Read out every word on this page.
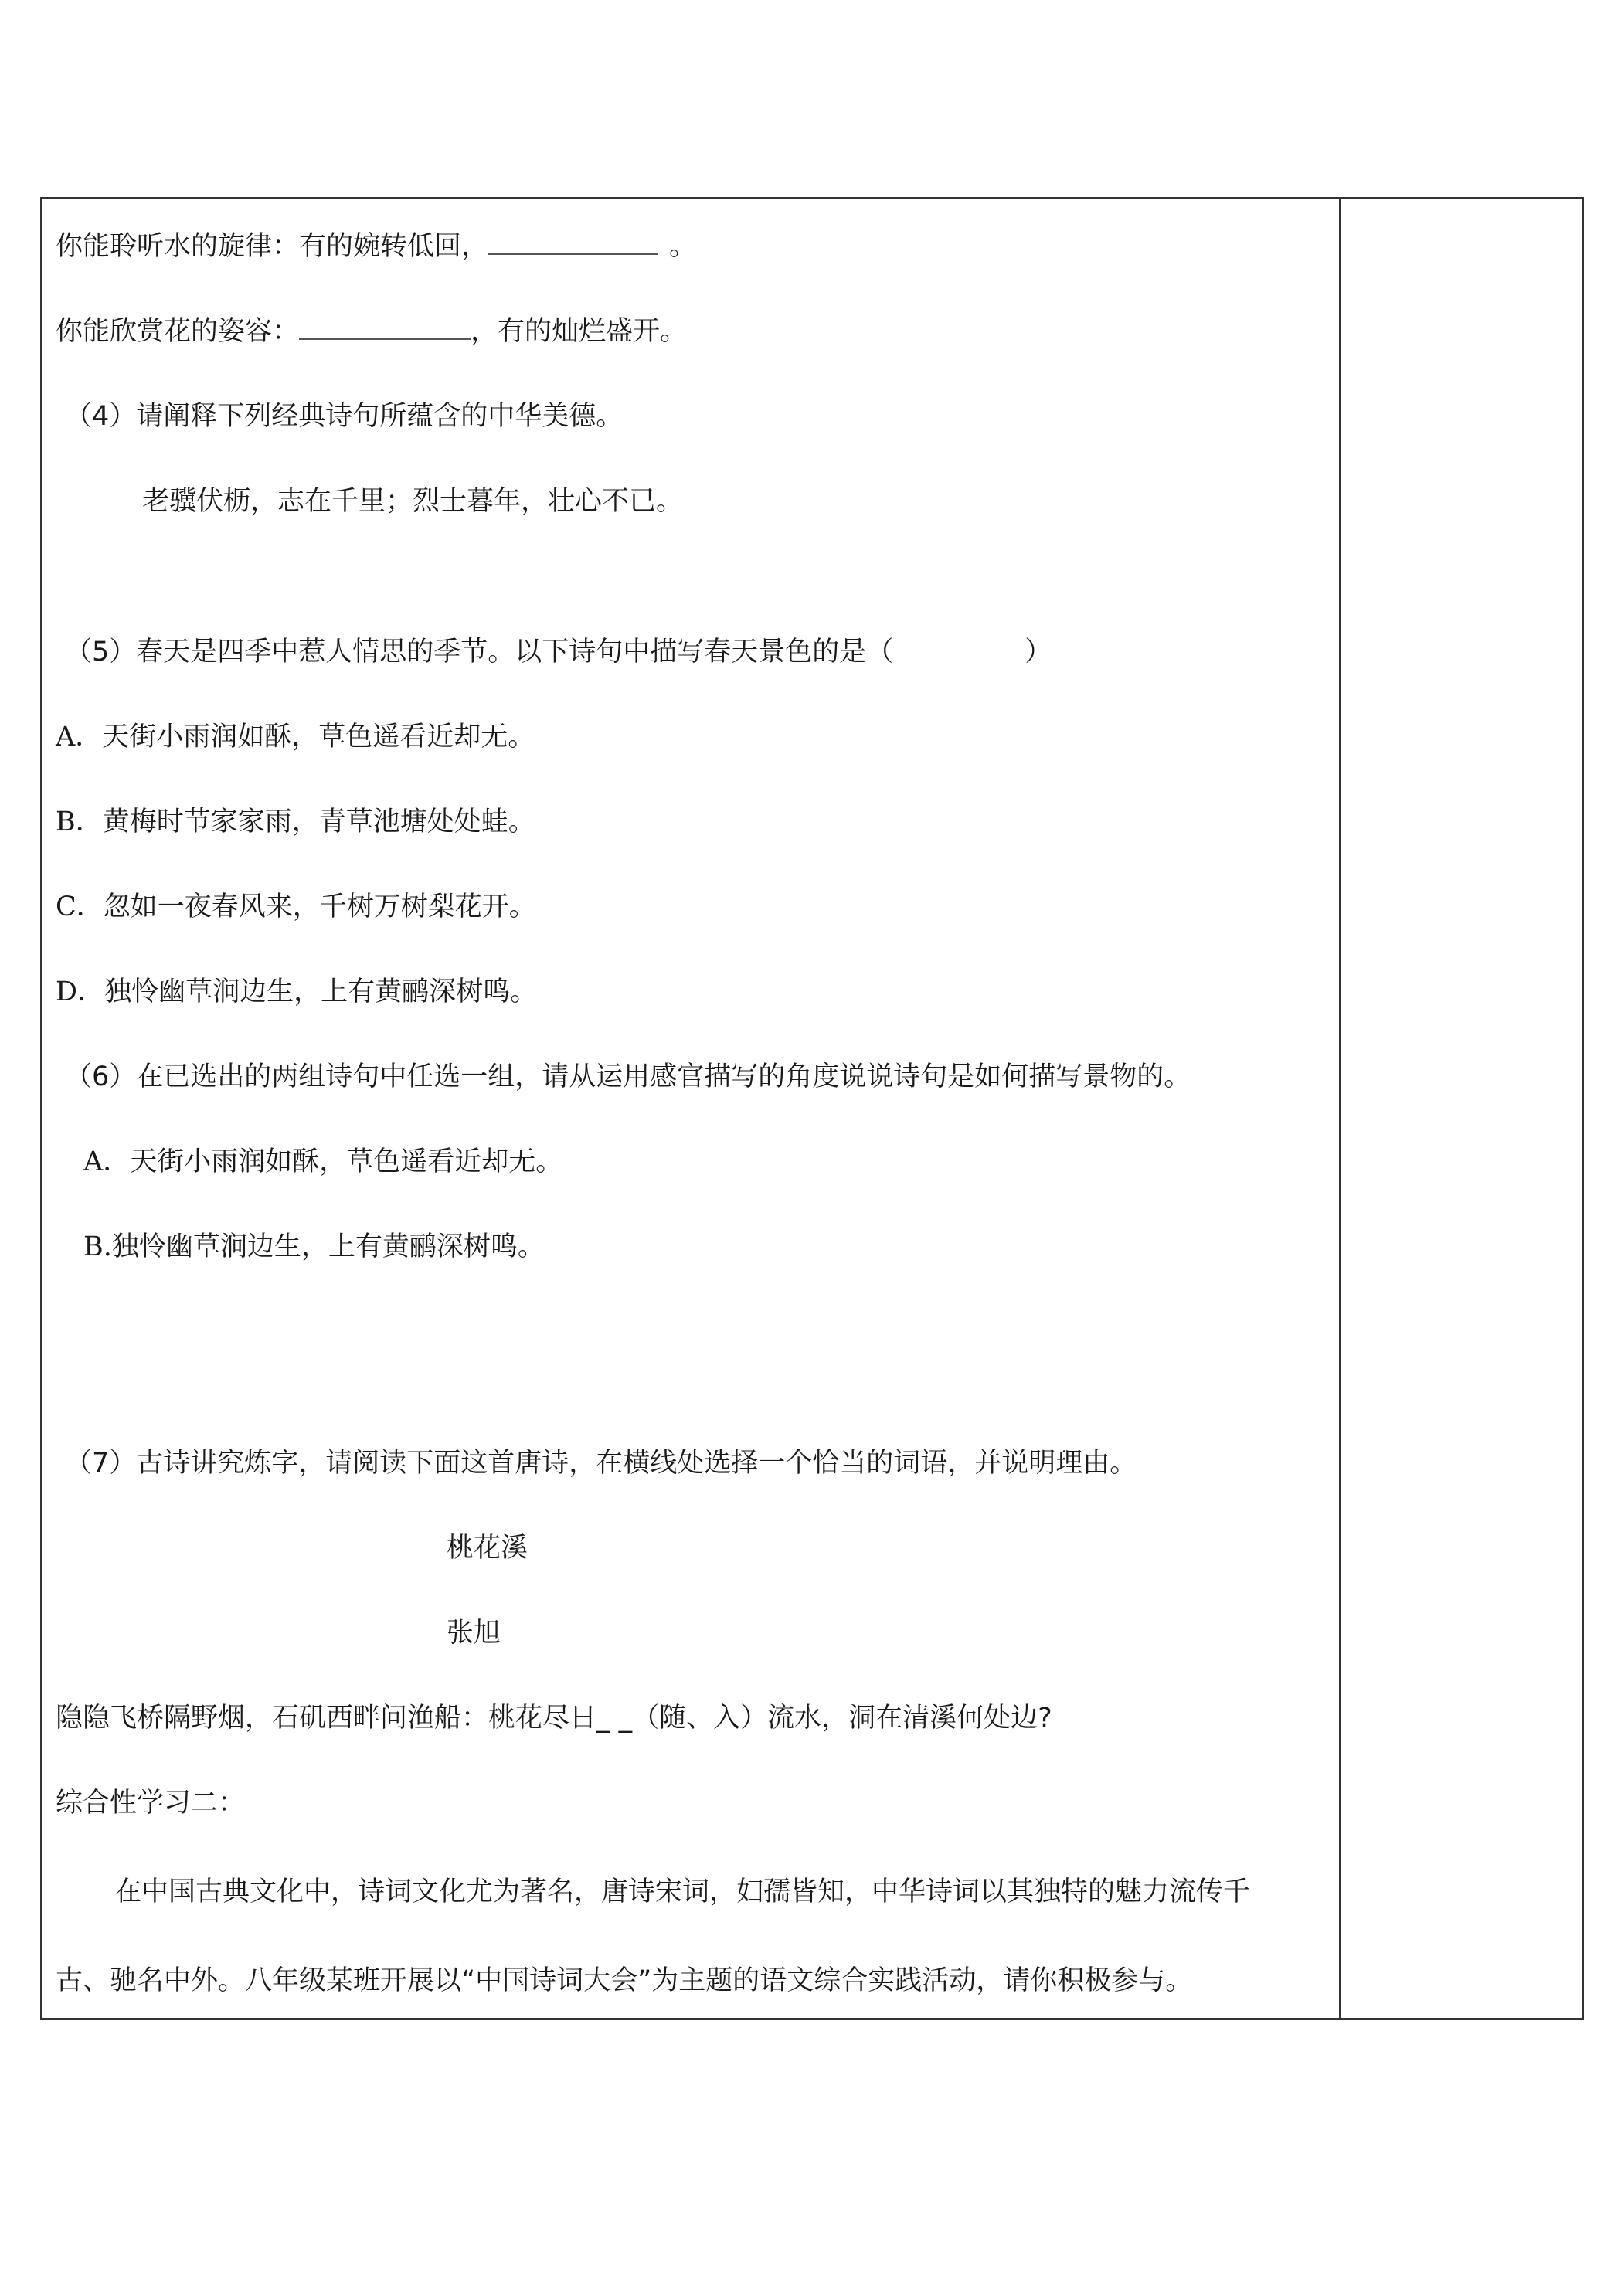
你能聆听水的旋律：有的婉转低回，	。
你能欣赏花的姿容：	，有的灿烂盛开。
（4）请阐释下列经典诗句所蕴含的中华美德。
老骥伏枥，志在千里；烈士暮年，壮心不已。
（5）春天是四季中惹人情思的季节。以下诗句中描写春天景色的是（	）
A．天街小雨润如酥，草色遥看近却无。
B．黄梅时节家家雨，青草池塘处处蛙。
C．忽如一夜春风来，千树万树梨花开。
D．独怜幽草涧边生，上有黄鹂深树鸣。
（6）在已选出的两组诗句中任选一组，请从运用感官描写的角度说说诗句是如何描写景物的。
A．天街小雨润如酥，草色遥看近却无。
B.独怜幽草涧边生，上有黄鹂深树鸣。
（7）古诗讲究炼字，请阅读下面这首唐诗，在横线处选择一个恰当的词语，并说明理由。
桃花溪
张旭
隐隐飞桥隔野烟，石矶西畔问渔船：桃花尽日_ _（随、入）流水，洞在清溪何处边?
综合性学习二：
在中国古典文化中，诗词文化尤为著名，唐诗宋词，妇孺皆知，中华诗词以其独特的魅力流传千
古、驰名中外。八年级某班开展以“中国诗词大会”为主题的语文综合实践活动，请你积极参与。
